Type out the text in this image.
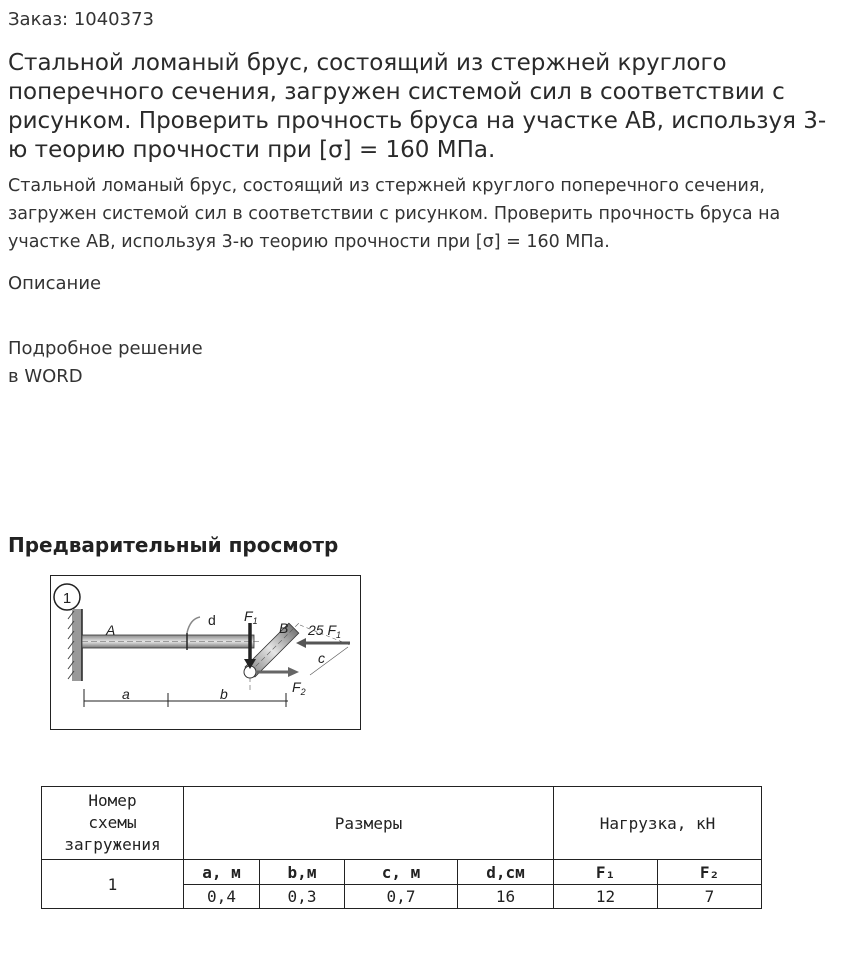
Заказ: 1040373
Стальной ломаный брус, состоящий из стержней круглого поперечного сечения, загружен системой сил в соответствии с рисунком. Проверить прочность бруса на участке АВ, используя 3-ю теорию прочности при [σ] = 160 МПа.

Стальной ломаный брус, состоящий из стержней круглого поперечного сечения, загружен системой сил в соответствии с рисунком. Проверить прочность бруса на участке АВ, используя 3-ю теорию прочности при [σ] = 160 МПа.

Описание
Подробное решение
в WORD
Предварительный просмотр
1
d
A	B
$F_1$
25 $F_1$
$F_2$
c
a	b
Номер
схемы
загружения	Размеры				Нагрузка, кН	
1	a, м	b,м	c, м	d,см	F₁	F₂
	0,4	0,3	0,7	16	12	7
